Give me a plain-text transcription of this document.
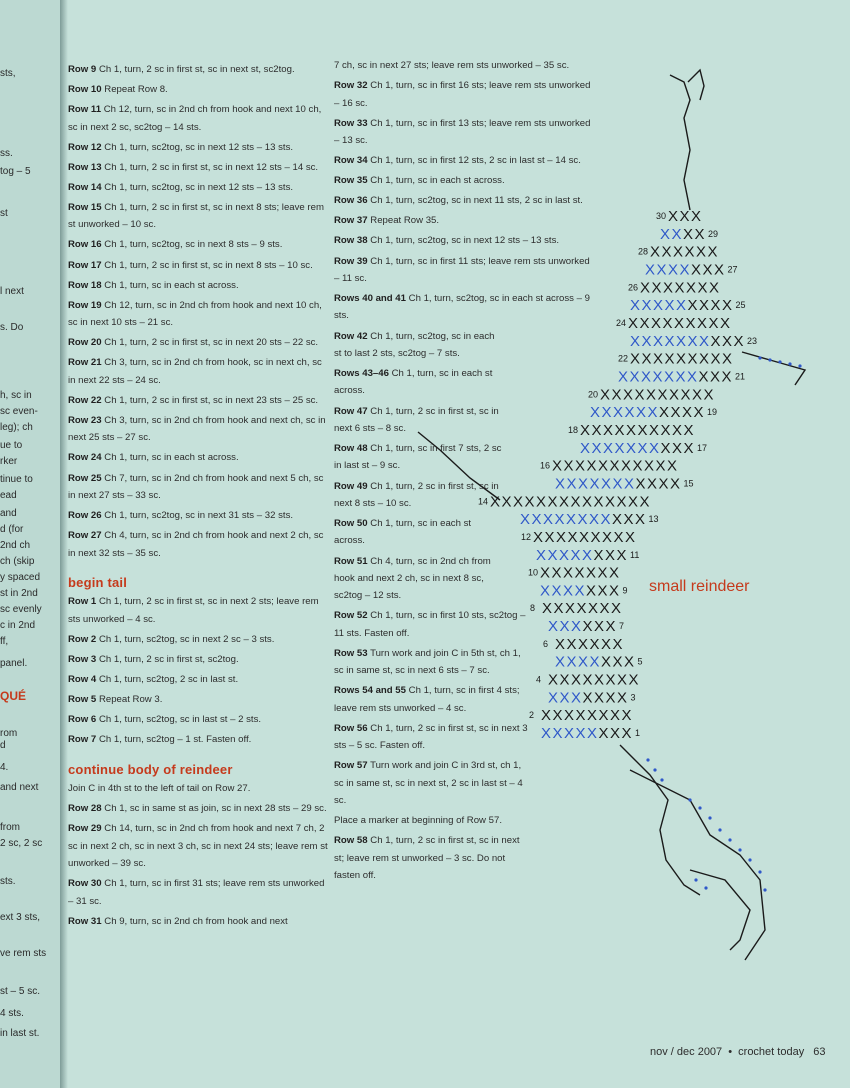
sts,
ss.
tog – 5
st
l next
s. Do
h, sc in
sc even-
leg); ch
ue to
rker
tinue to
ead
and
d (for
2nd ch
ch (skip
y spaced
st in 2nd
sc evenly
c in 2nd
ff,
panel.
QUÉ
rom
d
4.
and next
from
2 sc, 2 sc
sts.
ext 3 sts,
ve rem sts
st – 5 sc.
4 sts.
in last st.
Row 9 Ch 1, turn, 2 sc in first st, sc in next st, sc2tog.
Row 10 Repeat Row 8.
Row 11 Ch 12, turn, sc in 2nd ch from hook and next 10 ch, sc in next 2 sc, sc2tog – 14 sts.
Row 12 Ch 1, turn, sc2tog, sc in next 12 sts – 13 sts.
Row 13 Ch 1, turn, 2 sc in first st, sc in next 12 sts – 14 sc.
Row 14 Ch 1, turn, sc2tog, sc in next 12 sts – 13 sts.
Row 15 Ch 1, turn, 2 sc in first st, sc in next 8 sts; leave rem st unworked – 10 sc.
Row 16 Ch 1, turn, sc2tog, sc in next 8 sts – 9 sts.
Row 17 Ch 1, turn, 2 sc in first st, sc in next 8 sts – 10 sc.
Row 18 Ch 1, turn, sc in each st across.
Row 19 Ch 12, turn, sc in 2nd ch from hook and next 10 ch, sc in next 10 sts – 21 sc.
Row 20 Ch 1, turn, 2 sc in first st, sc in next 20 sts – 22 sc.
Row 21 Ch 3, turn, sc in 2nd ch from hook, sc in next ch, sc in next 22 sts – 24 sc.
Row 22 Ch 1, turn, 2 sc in first st, sc in next 23 sts – 25 sc.
Row 23 Ch 3, turn, sc in 2nd ch from hook and next ch, sc in next 25 sts – 27 sc.
Row 24 Ch 1, turn, sc in each st across.
Row 25 Ch 7, turn, sc in 2nd ch from hook and next 5 ch, sc in next 27 sts – 33 sc.
Row 26 Ch 1, turn, sc2tog, sc in next 31 sts – 32 sts.
Row 27 Ch 4, turn, sc in 2nd ch from hook and next 2 ch, sc in next 32 sts – 35 sc.
begin tail
Row 1 Ch 1, turn, 2 sc in first st, sc in next 2 sts; leave rem sts unworked – 4 sc.
Row 2 Ch 1, turn, sc2tog, sc in next 2 sc – 3 sts.
Row 3 Ch 1, turn, 2 sc in first st, sc2tog.
Row 4 Ch 1, turn, sc2tog, 2 sc in last st.
Row 5 Repeat Row 3.
Row 6 Ch 1, turn, sc2tog, sc in last st – 2 sts.
Row 7 Ch 1, turn, sc2tog – 1 st. Fasten off.
continue body of reindeer
Join C in 4th st to the left of tail on Row 27.
Row 28 Ch 1, sc in same st as join, sc in next 28 sts – 29 sc.
Row 29 Ch 14, turn, sc in 2nd ch from hook and next 7 ch, 2 sc in next 2 ch, sc in next 3 ch, sc in next 24 sts; leave rem st unworked – 39 sc.
Row 30 Ch 1, turn, sc in first 31 sts; leave rem sts unworked – 31 sc.
Row 31 Ch 9, turn, sc in 2nd ch from hook and next
7 ch, sc in next 27 sts; leave rem sts unworked – 35 sc.
Row 32 Ch 1, turn, sc in first 16 sts; leave rem sts unworked – 16 sc.
Row 33 Ch 1, turn, sc in first 13 sts; leave rem sts unworked – 13 sc.
Row 34 Ch 1, turn, sc in first 12 sts, 2 sc in last st – 14 sc.
Row 35 Ch 1, turn, sc in each st across.
Row 36 Ch 1, turn, sc2tog, sc in next 11 sts, 2 sc in last st.
Row 37 Repeat Row 35.
Row 38 Ch 1, turn, sc2tog, sc in next 12 sts – 13 sts.
Row 39 Ch 1, turn, sc in first 11 sts; leave rem sts unworked – 11 sc.
Rows 40 and 41 Ch 1, turn, sc2tog, sc in each st across – 9 sts.
Row 42 Ch 1, turn, sc2tog, sc in each st to last 2 sts, sc2tog – 7 sts.
Rows 43–46 Ch 1, turn, sc in each st across.
Row 47 Ch 1, turn, 2 sc in first st, sc in next 6 sts – 8 sc.
Row 48 Ch 1, turn, sc in first 7 sts, 2 sc in last st – 9 sc.
Row 49 Ch 1, turn, 2 sc in first st, sc in next 8 sts – 10 sc.
Row 50 Ch 1, turn, sc in each st across.
Row 51 Ch 4, turn, sc in 2nd ch from hook and next 2 ch, sc in next 8 sc, sc2tog – 12 sts.
Row 52 Ch 1, turn, sc in first 10 sts, sc2tog – 11 sts. Fasten off.
Row 53 Turn work and join C in 5th st, ch 1, sc in same st, sc in next 6 sts – 7 sc.
Rows 54 and 55 Ch 1, turn, sc in first 4 sts; leave rem sts unworked – 4 sc.
Row 56 Ch 1, turn, 2 sc in first st, sc in next 3 sts – 5 sc. Fasten off.
Row 57 Turn work and join C in 3rd st, ch 1, sc in same st, sc in next st, 2 sc in last st – 4 sc.
Place a marker at beginning of Row 57.
Row 58 Ch 1, turn, 2 sc in first st, sc in next st; leave rem st unworked – 3 sc. Do not fasten off.
X X X X X X X X
X X X X X X X X
X X X X X X X
X X X X X X X X
X X X X X X X
X X X X X X
X X X X X X
X X X X X X X
X X X X X X X
X X X X X X X
X X X X X X X X
X X X X X X X X X
X X X X X X X X X X X
X X X X X X X X X X X X X X
X X X X X X X X X X X
X X X X X X X X X X X
X X X X X X X X X X
X X X X X X X X X X
X X X X X X X X X X
X X X X X X X X X X
X X X X X X X X X X
X X X X X X X X X
X X X X X X X X X X
X X X X X X X X X
X X X X X X X X X
X X X X X X X
X X X X X X X
X X X X X X
X X X X
X X X
1
2
3
4
5
6
7
8
9
10
11
12
13
14
15
16
17
18
19
20
21
22
23
24
25
26
27
28
29
30
small reindeer
nov / dec 2007 • crochet today 63
